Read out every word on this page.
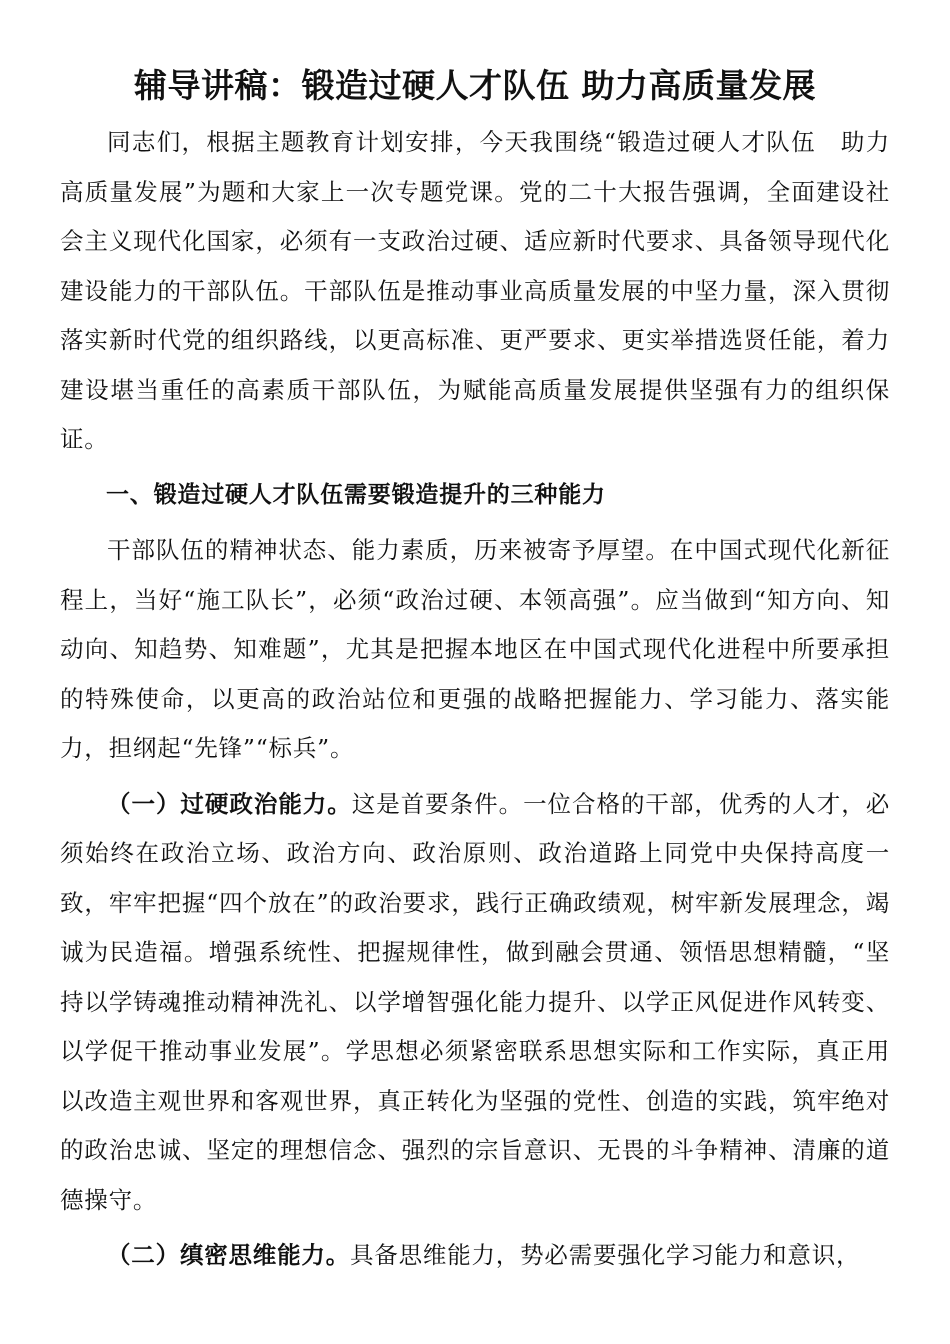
辅导讲稿：锻造过硬人才队伍 助力高质量发展

同志们，根据主题教育计划安排，今天我围绕“锻造过硬人才队伍　助力高质量发展”为题和大家上一次专题党课。党的二十大报告强调，全面建设社会主义现代化国家，必须有一支政治过硬、适应新时代要求、具备领导现代化建设能力的干部队伍。干部队伍是推动事业高质量发展的中坚力量，深入贯彻落实新时代党的组织路线，以更高标准、更严要求、更实举措选贤任能，着力建设堪当重任的高素质干部队伍，为赋能高质量发展提供坚强有力的组织保证。

一、锻造过硬人才队伍需要锻造提升的三种能力

干部队伍的精神状态、能力素质，历来被寄予厚望。在中国式现代化新征程上，当好“施工队长”，必须“政治过硬、本领高强”。应当做到“知方向、知动向、知趋势、知难题”，尤其是把握本地区在中国式现代化进程中所要承担的特殊使命，以更高的政治站位和更强的战略把握能力、学习能力、落实能力，担纲起“先锋”“标兵”。

（一）过硬政治能力。这是首要条件。一位合格的干部，优秀的人才，必须始终在政治立场、政治方向、政治原则、政治道路上同党中央保持高度一致，牢牢把握“四个放在”的政治要求，践行正确政绩观，树牢新发展理念，竭诚为民造福。增强系统性、把握规律性，做到融会贯通、领悟思想精髓，“坚持以学铸魂推动精神洗礼、以学增智强化能力提升、以学正风促进作风转变、以学促干推动事业发展”。学思想必须紧密联系思想实际和工作实际，真正用以改造主观世界和客观世界，真正转化为坚强的党性、创造的实践，筑牢绝对的政治忠诚、坚定的理想信念、强烈的宗旨意识、无畏的斗争精神、清廉的道德操守。

（二）缜密思维能力。具备思维能力，势必需要强化学习能力和意识，
